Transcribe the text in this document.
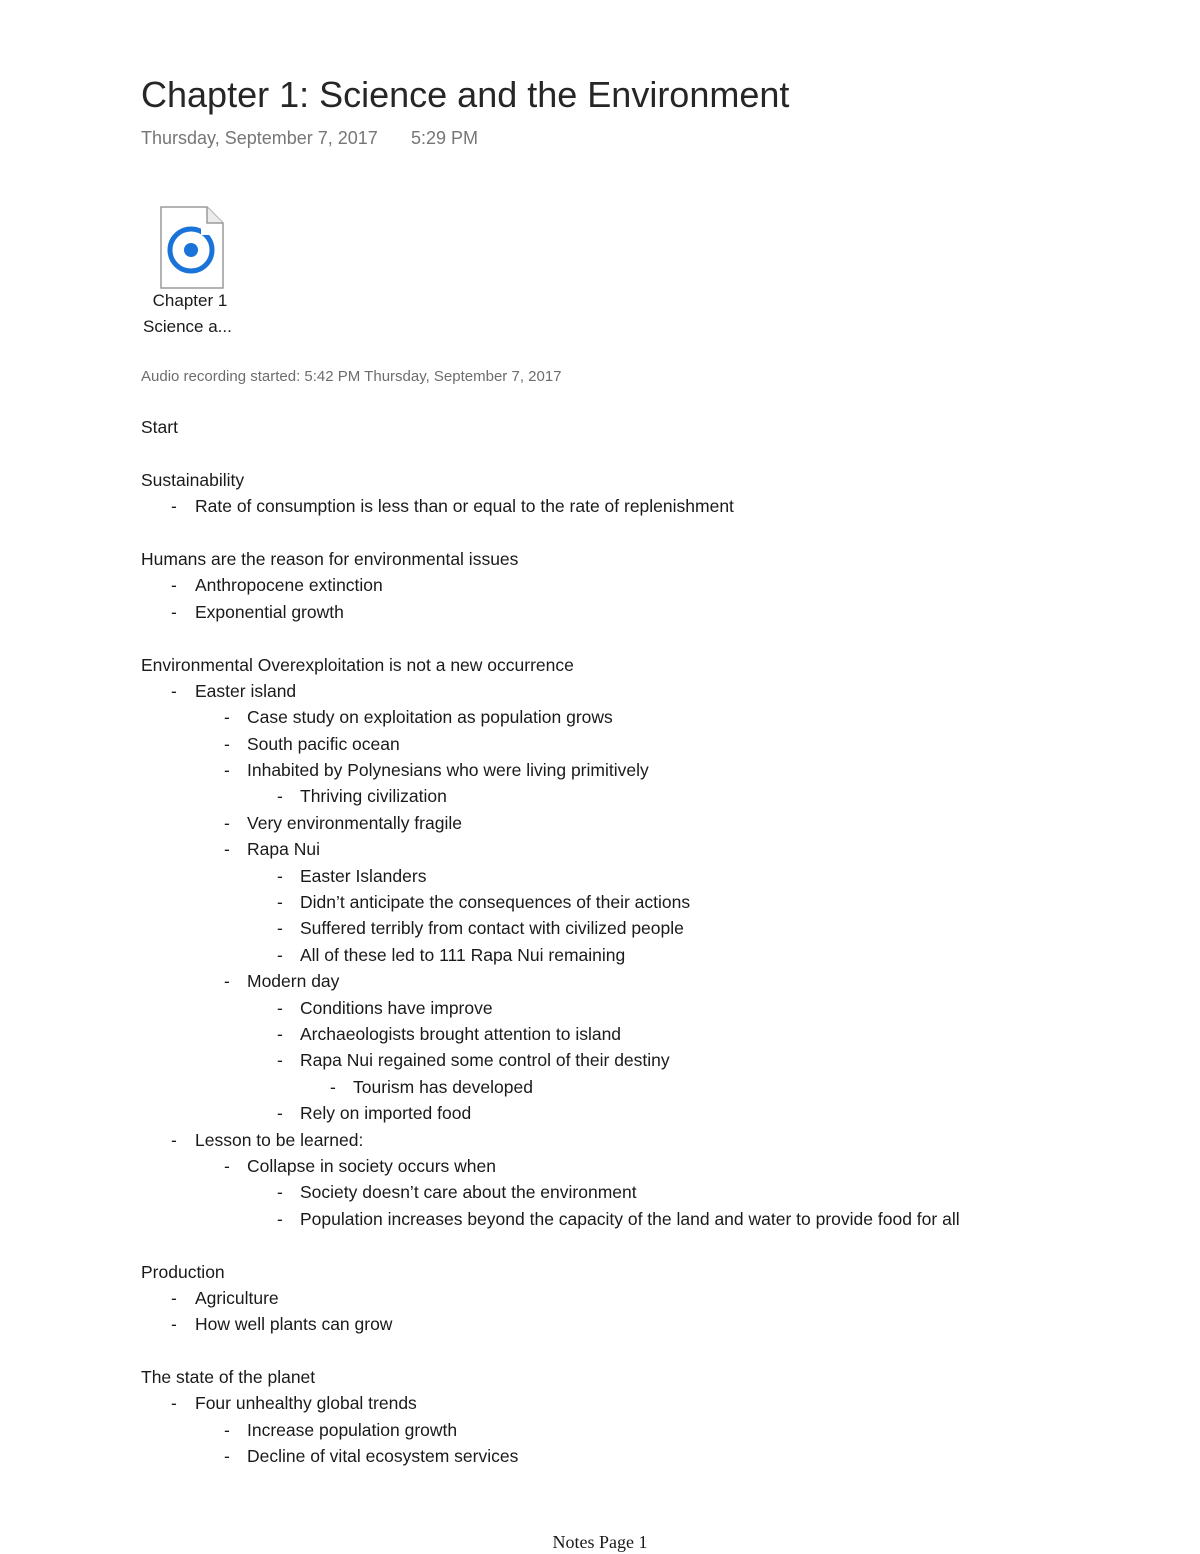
Chapter 1: Science and the Environment
Thursday, September 7, 2017 5:29 PM
Chapter 1
Science a...
Audio recording started: 5:42 PM Thursday, September 7, 2017
Start
Sustainability
- Rate of consumption is less than or equal to the rate of replenishment
Humans are the reason for environmental issues
- Anthropocene extinction
- Exponential growth
Environmental Overexploitation is not a new occurrence
- Easter island
- Case study on exploitation as population grows
- South pacific ocean
- Inhabited by Polynesians who were living primitively
- Thriving civilization
- Very environmentally fragile
- Rapa Nui
- Easter Islanders
- Didn’t anticipate the consequences of their actions
- Suffered terribly from contact with civilized people
- All of these led to 111 Rapa Nui remaining
- Modern day
- Conditions have improve
- Archaeologists brought attention to island
- Rapa Nui regained some control of their destiny
- Tourism has developed
- Rely on imported food
- Lesson to be learned:
- Collapse in society occurs when
- Society doesn’t care about the environment
- Population increases beyond the capacity of the land and water to provide food for all
Production
- Agriculture
- How well plants can grow
The state of the planet
- Four unhealthy global trends
- Increase population growth
- Decline of vital ecosystem services
Notes Page 1
